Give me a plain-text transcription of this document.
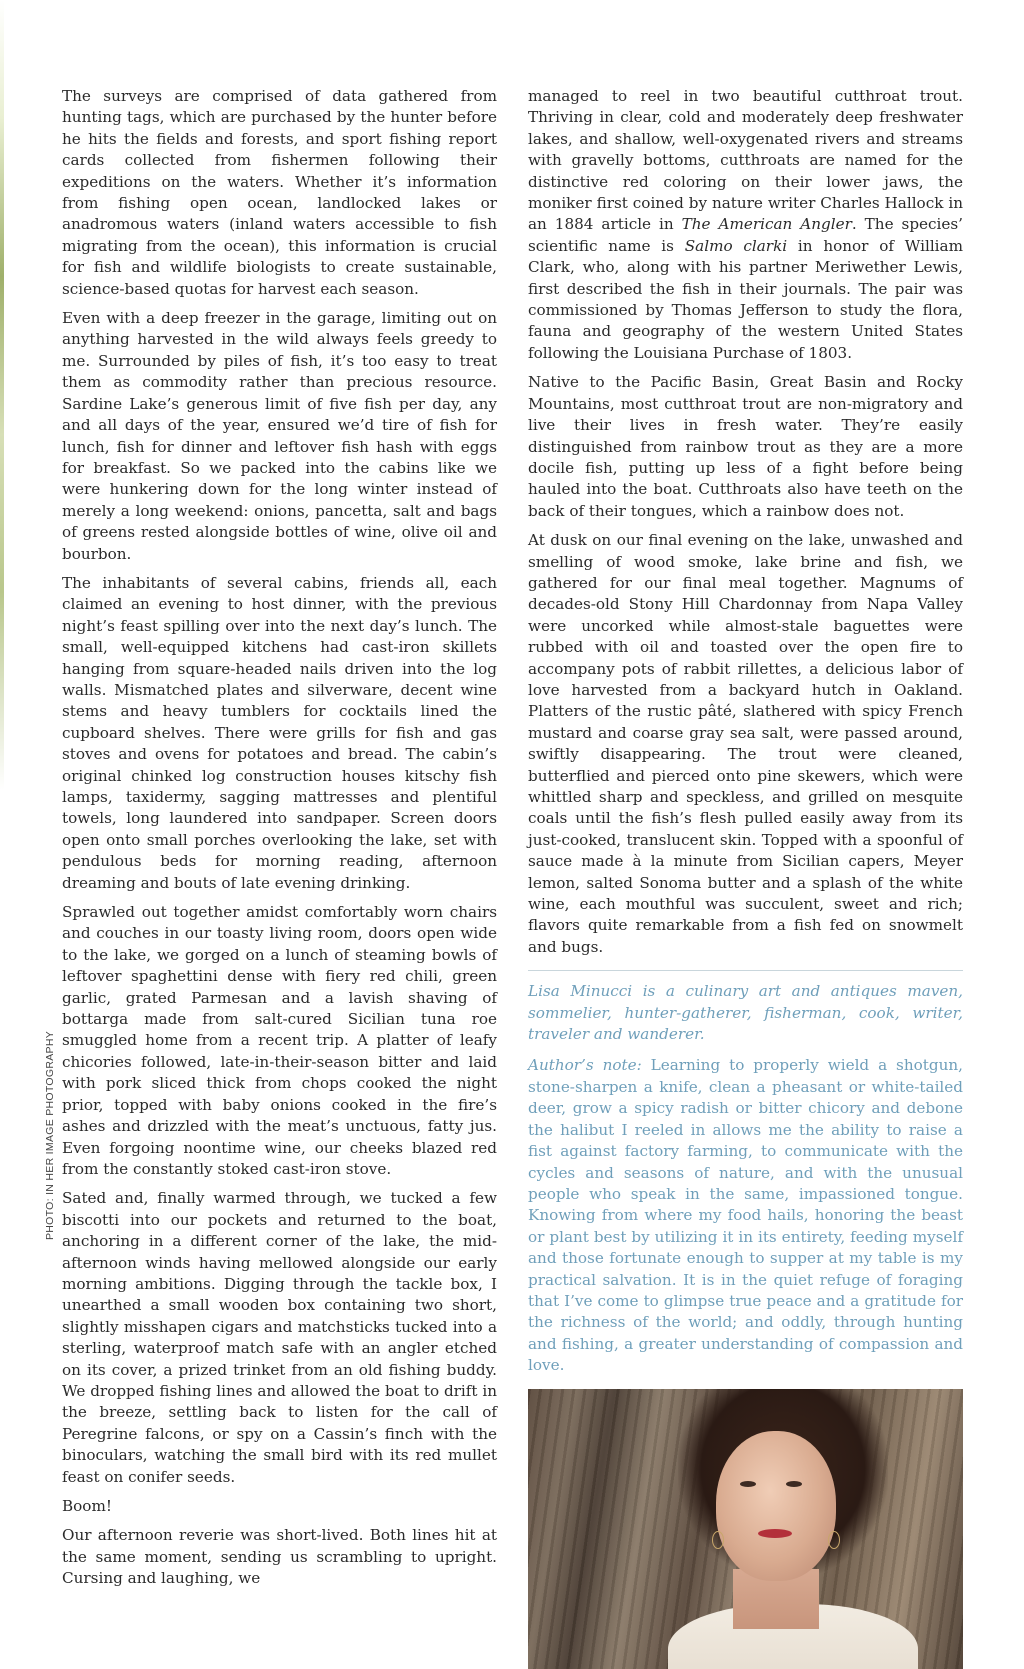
The surveys are comprised of data gathered from hunting tags, which are purchased by the hunter before he hits the fields and forests, and sport fishing report cards collected from fishermen following their expeditions on the waters. Whether it’s information from fishing open ocean, landlocked lakes or anadromous waters (inland waters accessible to fish migrating from the ocean), this information is crucial for fish and wildlife biologists to create sustainable, science-based quotas for harvest each season.

Even with a deep freezer in the garage, limiting out on anything harvested in the wild always feels greedy to me. Surrounded by piles of fish, it’s too easy to treat them as commodity rather than precious resource. Sardine Lake’s generous limit of five fish per day, any and all days of the year, ensured we’d tire of fish for lunch, fish for dinner and leftover fish hash with eggs for breakfast. So we packed into the cabins like we were hunkering down for the long winter instead of merely a long weekend: onions, pancetta, salt and bags of greens rested alongside bottles of wine, olive oil and bourbon.

The inhabitants of several cabins, friends all, each claimed an evening to host dinner, with the previous night’s feast spilling over into the next day’s lunch. The small, well-equipped kitchens had cast-iron skillets hanging from square-headed nails driven into the log walls. Mismatched plates and silverware, decent wine stems and heavy tumblers for cocktails lined the cupboard shelves. There were grills for fish and gas stoves and ovens for potatoes and bread. The cabin’s original chinked log construction houses kitschy fish lamps, taxidermy, sagging mattresses and plentiful towels, long laundered into sandpaper. Screen doors open onto small porches overlooking the lake, set with pendulous beds for morning reading, afternoon dreaming and bouts of late evening drinking.

Sprawled out together amidst comfortably worn chairs and couches in our toasty living room, doors open wide to the lake, we gorged on a lunch of steaming bowls of leftover spaghettini dense with fiery red chili, green garlic, grated Parmesan and a lavish shaving of bottarga made from salt-cured Sicilian tuna roe smuggled home from a recent trip. A platter of leafy chicories followed, late-in-their-season bitter and laid with pork sliced thick from chops cooked the night prior, topped with baby onions cooked in the fire’s ashes and drizzled with the meat’s unctuous, fatty jus. Even forgoing noontime wine, our cheeks blazed red from the constantly stoked cast-iron stove.

Sated and, finally warmed through, we tucked a few biscotti into our pockets and returned to the boat, anchoring in a different corner of the lake, the mid-afternoon winds having mellowed alongside our early morning ambitions. Digging through the tackle box, I unearthed a small wooden box containing two short, slightly misshapen cigars and matchsticks tucked into a sterling, waterproof match safe with an angler etched on its cover, a prized trinket from an old fishing buddy. We dropped fishing lines and allowed the boat to drift in the breeze, settling back to listen for the call of Peregrine falcons, or spy on a Cassin’s finch with the binoculars, watching the small bird with its red mullet feast on conifer seeds.

Boom!

Our afternoon reverie was short-lived. Both lines hit at the same moment, sending us scrambling to upright. Cursing and laughing, we

managed to reel in two beautiful cutthroat trout. Thriving in clear, cold and moderately deep freshwater lakes, and shallow, well-oxygenated rivers and streams with gravelly bottoms, cutthroats are named for the distinctive red coloring on their lower jaws, the moniker first coined by nature writer Charles Hallock in an 1884 article in The American Angler. The species’ scientific name is Salmo clarki in honor of William Clark, who, along with his partner Meriwether Lewis, first described the fish in their journals. The pair was commissioned by Thomas Jefferson to study the flora, fauna and geography of the western United States following the Louisiana Purchase of 1803.

Native to the Pacific Basin, Great Basin and Rocky Mountains, most cutthroat trout are non-migratory and live their lives in fresh water. They’re easily distinguished from rainbow trout as they are a more docile fish, putting up less of a fight before being hauled into the boat. Cutthroats also have teeth on the back of their tongues, which a rainbow does not.

At dusk on our final evening on the lake, unwashed and smelling of wood smoke, lake brine and fish, we gathered for our final meal together. Magnums of decades-old Stony Hill Chardonnay from Napa Valley were uncorked while almost-stale baguettes were rubbed with oil and toasted over the open fire to accompany pots of rabbit rillettes, a delicious labor of love harvested from a backyard hutch in Oakland. Platters of the rustic pâté, slathered with spicy French mustard and coarse gray sea salt, were passed around, swiftly disappearing. The trout were cleaned, butterflied and pierced onto pine skewers, which were whittled sharp and speckless, and grilled on mesquite coals until the fish’s flesh pulled easily away from its just-cooked, translucent skin. Topped with a spoonful of sauce made à la minute from Sicilian capers, Meyer lemon, salted Sonoma butter and a splash of the white wine, each mouthful was succulent, sweet and rich; flavors quite remarkable from a fish fed on snowmelt and bugs.

Lisa Minucci is a culinary art and antiques maven, sommelier, hunter-gatherer, fisherman, cook, writer, traveler and wanderer.

Author’s note: Learning to properly wield a shotgun, stone-sharpen a knife, clean a pheasant or white-tailed deer, grow a spicy radish or bitter chicory and debone the halibut I reeled in allows me the ability to raise a fist against factory farming, to communicate with the cycles and seasons of nature, and with the unusual people who speak in the same, impassioned tongue. Knowing from where my food hails, honoring the beast or plant best by utilizing it in its entirety, feeding myself and those fortunate enough to supper at my table is my practical salvation. It is in the quiet refuge of foraging that I’ve come to glimpse true peace and a gratitude for the richness of the world; and oddly, through hunting and fishing, a greater understanding of compassion and love.

PHOTO: IN HER IMAGE PHOTOGRAPHY
